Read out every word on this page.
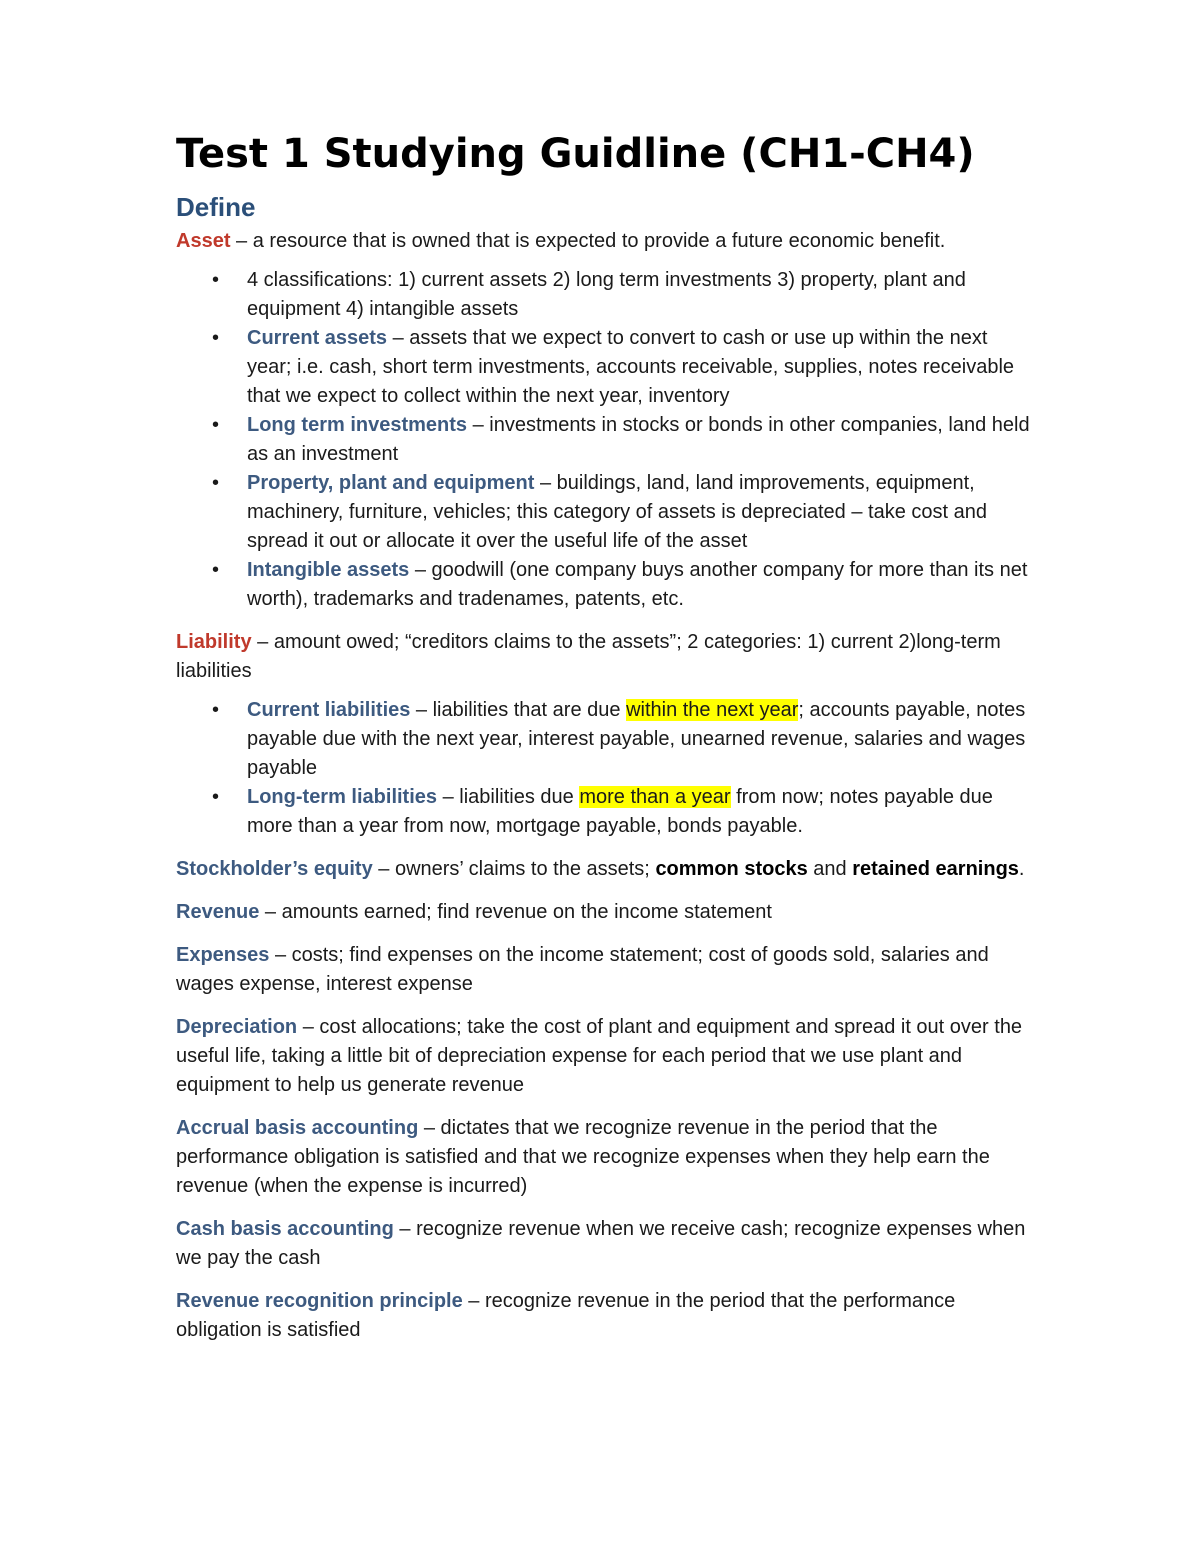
Test 1 Studying Guidline (CH1-CH4)
Define

Asset – a resource that is owned that is expected to provide a future economic benefit.

• 4 classifications: 1) current assets 2) long term investments 3) property, plant and equipment 4) intangible assets
• Current assets – assets that we expect to convert to cash or use up within the next year; i.e. cash, short term investments, accounts receivable, supplies, notes receivable that we expect to collect within the next year, inventory
• Long term investments – investments in stocks or bonds in other companies, land held as an investment
• Property, plant and equipment – buildings, land, land improvements, equipment, machinery, furniture, vehicles; this category of assets is depreciated – take cost and spread it out or allocate it over the useful life of the asset
• Intangible assets – goodwill (one company buys another company for more than its net worth), trademarks and tradenames, patents, etc.

Liability – amount owed; “creditors claims to the assets”; 2 categories: 1) current 2)long-term liabilities

• Current liabilities – liabilities that are due within the next year; accounts payable, notes payable due with the next year, interest payable, unearned revenue, salaries and wages payable
• Long-term liabilities – liabilities due more than a year from now; notes payable due more than a year from now, mortgage payable, bonds payable.

Stockholder’s equity – owners’ claims to the assets; common stocks and retained earnings.

Revenue – amounts earned; find revenue on the income statement

Expenses – costs; find expenses on the income statement; cost of goods sold, salaries and wages expense, interest expense

Depreciation – cost allocations; take the cost of plant and equipment and spread it out over the useful life, taking a little bit of depreciation expense for each period that we use plant and equipment to help us generate revenue

Accrual basis accounting – dictates that we recognize revenue in the period that the performance obligation is satisfied and that we recognize expenses when they help earn the revenue (when the expense is incurred)

Cash basis accounting – recognize revenue when we receive cash; recognize expenses when we pay the cash

Revenue recognition principle – recognize revenue in the period that the performance obligation is satisfied
